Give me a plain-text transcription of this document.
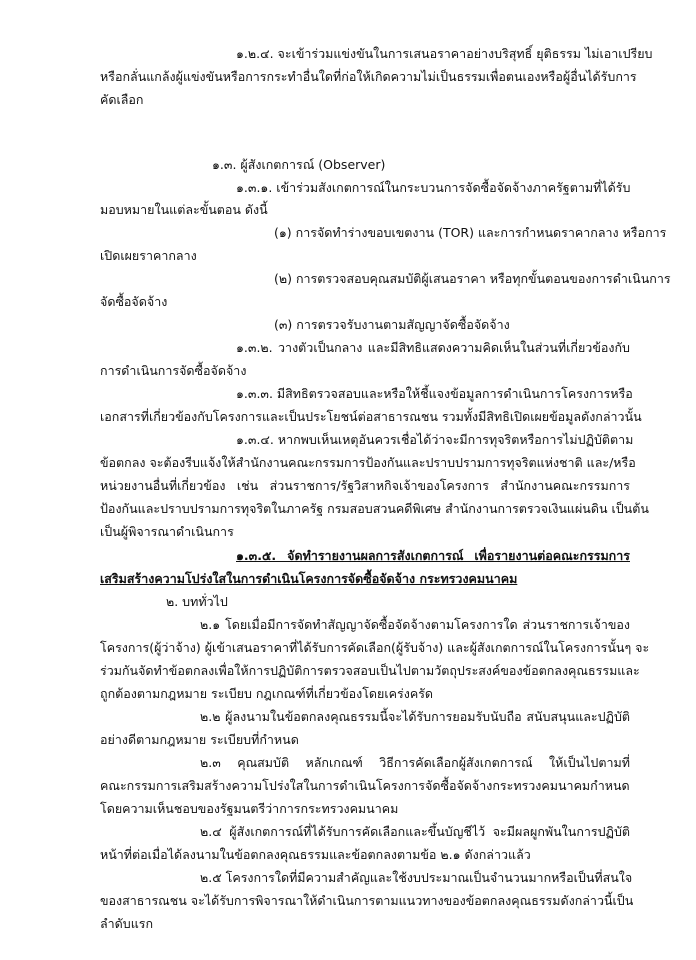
๑.๒.๔. จะเข้าร่วมแข่งขันในการเสนอราคาอย่างบริสุทธิ์ ยุติธรรม ไม่เอาเปรียบ
หรือกลั่นแกล้งผู้แข่งขันหรือการกระทำอื่นใดที่ก่อให้เกิดความไม่เป็นธรรมเพื่อตนเองหรือผู้อื่นได้รับการ
คัดเลือก
๑.๓. ผู้สังเกตการณ์ (Observer)
๑.๓.๑. เข้าร่วมสังเกตการณ์ในกระบวนการจัดซื้อจัดจ้างภาครัฐตามที่ได้รับ
มอบหมายในแต่ละขั้นตอน ดังนี้
(๑) การจัดทำร่างขอบเขตงาน (TOR) และการกำหนดราคากลาง หรือการ
เปิดเผยราคากลาง
(๒) การตรวจสอบคุณสมบัติผู้เสนอราคา หรือทุกขั้นตอนของการดำเนินการ
จัดซื้อจัดจ้าง
(๓) การตรวจรับงานตามสัญญาจัดซื้อจัดจ้าง
๑.๓.๒. วางตัวเป็นกลาง และมีสิทธิแสดงความคิดเห็นในส่วนที่เกี่ยวข้องกับ
การดำเนินการจัดซื้อจัดจ้าง
๑.๓.๓. มีสิทธิตรวจสอบและหรือให้ชี้แจงข้อมูลการดำเนินการโครงการหรือ
เอกสารที่เกี่ยวข้องกับโครงการและเป็นประโยชน์ต่อสาธารณชน รวมทั้งมีสิทธิเปิดเผยข้อมูลดังกล่าวนั้น
๑.๓.๔. หากพบเห็นเหตุอันควรเชื่อได้ว่าจะมีการทุจริตหรือการไม่ปฏิบัติตาม
ข้อตกลง จะต้องรีบแจ้งให้สำนักงานคณะกรรมการป้องกันและปราบปรามการทุจริตแห่งชาติ และ/หรือ
หน่วยงานอื่นที่เกี่ยวข้อง เช่น ส่วนราชการ/รัฐวิสาหกิจเจ้าของโครงการ สำนักงานคณะกรรมการ
ป้องกันและปราบปรามการทุจริตในภาครัฐ กรมสอบสวนคดีพิเศษ สำนักงานการตรวจเงินแผ่นดิน เป็นต้น
เป็นผู้พิจารณาดำเนินการ
๑.๓.๕. จัดทำรายงานผลการสังเกตการณ์ เพื่อรายงานต่อคณะกรรมการ
เสริมสร้างความโปร่งใสในการดำเนินโครงการจัดซื้อจัดจ้าง กระทรวงคมนาคม
๒. บททั่วไป
๒.๑ โดยเมื่อมีการจัดทำสัญญาจัดซื้อจัดจ้างตามโครงการใด ส่วนราชการเจ้าของ
โครงการ(ผู้ว่าจ้าง) ผู้เข้าเสนอราคาที่ได้รับการคัดเลือก(ผู้รับจ้าง) และผู้สังเกตการณ์ในโครงการนั้นๆ จะ
ร่วมกันจัดทำข้อตกลงเพื่อให้การปฏิบัติการตรวจสอบเป็นไปตามวัตถุประสงค์ของข้อตกลงคุณธรรมและ
ถูกต้องตามกฎหมาย ระเบียบ กฎเกณฑ์ที่เกี่ยวข้องโดยเคร่งครัด
๒.๒ ผู้ลงนามในข้อตกลงคุณธรรมนี้จะได้รับการยอมรับนับถือ สนับสนุนและปฏิบัติ
อย่างดีตามกฎหมาย ระเบียบที่กำหนด
๒.๓ คุณสมบัติ หลักเกณฑ์ วิธีการคัดเลือกผู้สังเกตการณ์ ให้เป็นไปตามที่
คณะกรรมการเสริมสร้างความโปร่งใสในการดำเนินโครงการจัดซื้อจัดจ้างกระทรวงคมนาคมกำหนด
โดยความเห็นชอบของรัฐมนตรีว่าการกระทรวงคมนาคม
๒.๔ ผู้สังเกตการณ์ที่ได้รับการคัดเลือกและขึ้นบัญชีไว้ จะมีผลผูกพันในการปฏิบัติ
หน้าที่ต่อเมื่อได้ลงนามในข้อตกลงคุณธรรมและข้อตกลงตามข้อ ๒.๑ ดังกล่าวแล้ว
๒.๕ โครงการใดที่มีความสำคัญและใช้งบประมาณเป็นจำนวนมากหรือเป็นที่สนใจ
ของสาธารณชน จะได้รับการพิจารณาให้ดำเนินการตามแนวทางของข้อตกลงคุณธรรมดังกล่าวนี้เป็น
ลำดับแรก
